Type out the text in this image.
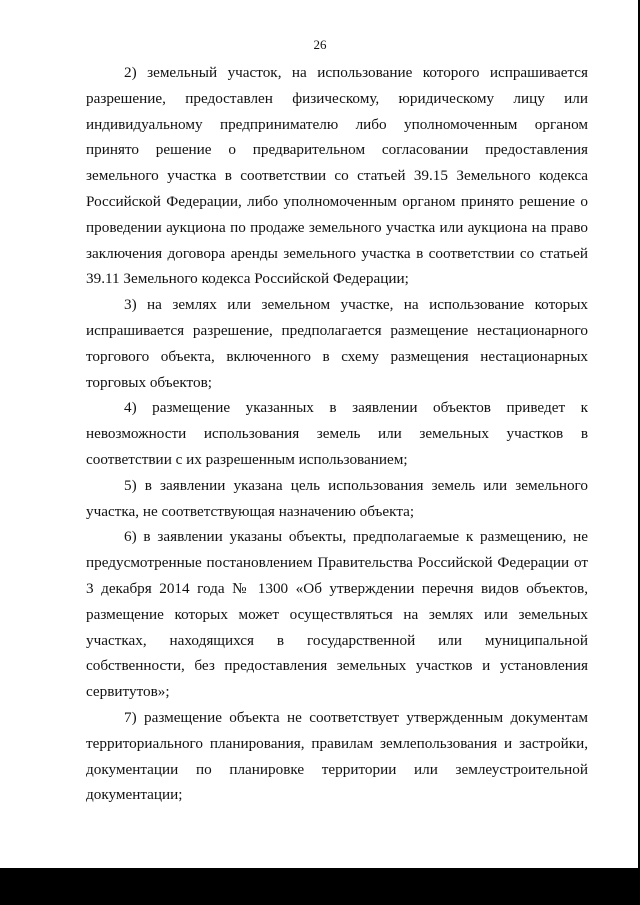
26

2) земельный участок, на использование которого испрашивается разрешение, предоставлен физическому, юридическому лицу или индивидуальному предпринимателю либо уполномоченным органом принято решение о предварительном согласовании предоставления земельного участка в соответствии со статьей 39.15 Земельного кодекса Российской Федерации, либо уполномоченным органом принято решение о проведении аукциона по продаже земельного участка или аукциона на право заключения договора аренды земельного участка в соответствии со статьей 39.11 Земельного кодекса Российской Федерации;

3) на землях или земельном участке, на использование которых испрашивается разрешение, предполагается размещение нестационарного торгового объекта, включенного в схему размещения нестационарных торговых объектов;

4) размещение указанных в заявлении объектов приведет к невозможности использования земель или земельных участков в соответствии с их разрешенным использованием;

5) в заявлении указана цель использования земель или земельного участка, не соответствующая назначению объекта;

6) в заявлении указаны объекты, предполагаемые к размещению, не предусмотренные постановлением Правительства Российской Федерации от 3 декабря 2014 года № 1300 «Об утверждении перечня видов объектов, размещение которых может осуществляться на землях или земельных участках, находящихся в государственной или муниципальной собственности, без предоставления земельных участков и установления сервитутов»;

7) размещение объекта не соответствует утвержденным документам территориального планирования, правилам землепользования и застройки, документации по планировке территории или землеустроительной документации;
